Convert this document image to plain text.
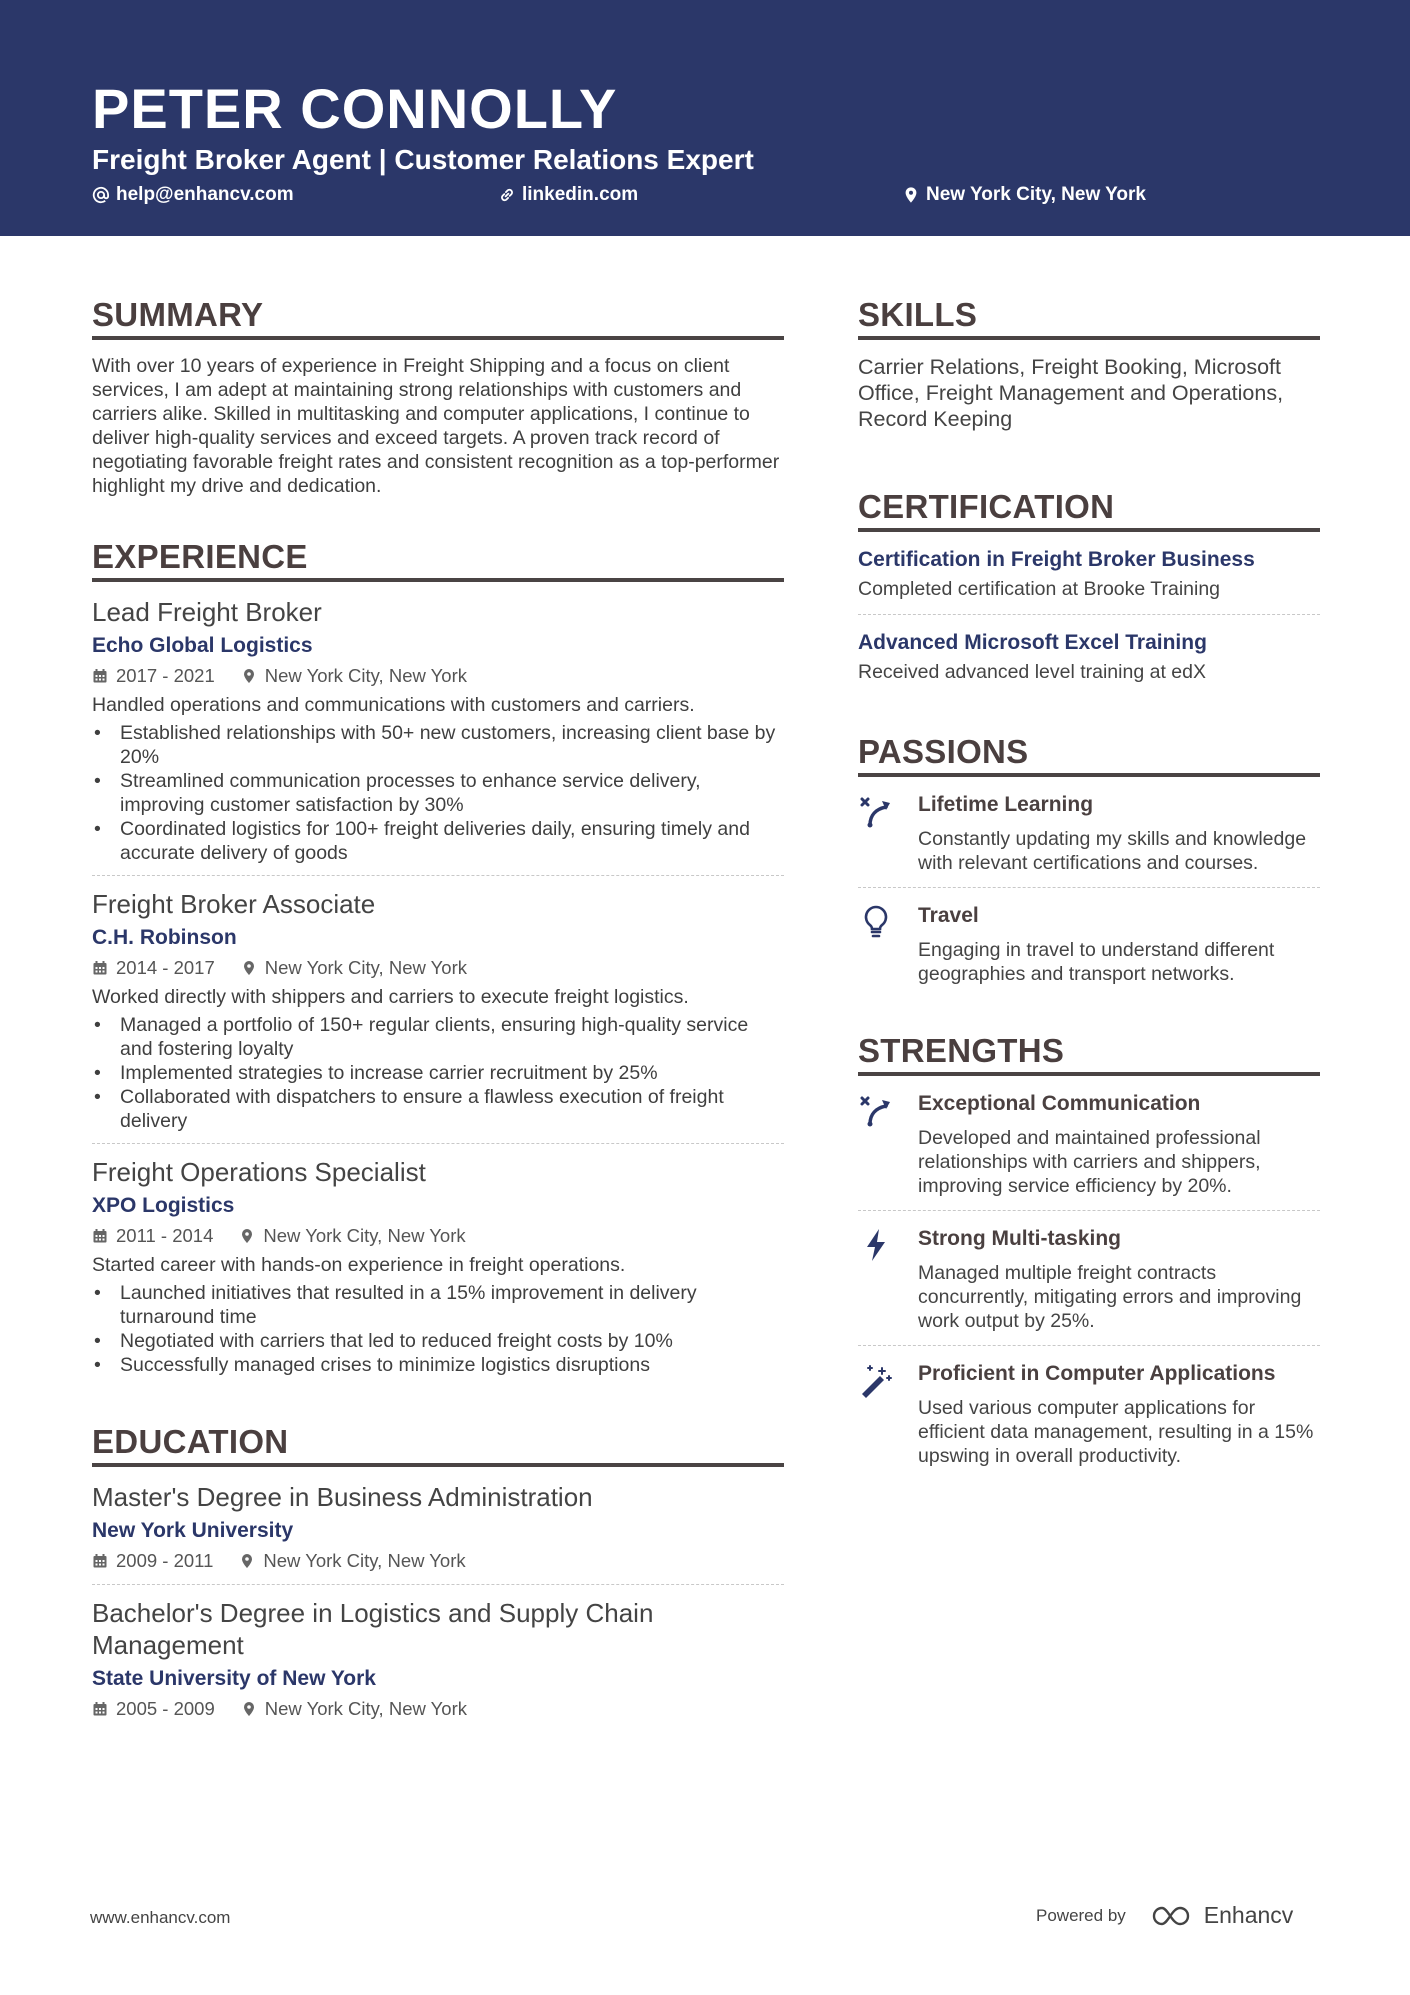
PETER CONNOLLY
Freight Broker Agent | Customer Relations Expert
help@enhancv.com	linkedin.com	New York City, New York
SUMMARY
With over 10 years of experience in Freight Shipping and a focus on client services, I am adept at maintaining strong relationships with customers and carriers alike. Skilled in multitasking and computer applications, I continue to deliver high-quality services and exceed targets. A proven track record of negotiating favorable freight rates and consistent recognition as a top-performer highlight my drive and dedication.
EXPERIENCE
Lead Freight Broker
Echo Global Logistics
2017 - 2021	New York City, New York
Handled operations and communications with customers and carriers.
• Established relationships with 50+ new customers, increasing client base by 20%
• Streamlined communication processes to enhance service delivery, improving customer satisfaction by 30%
• Coordinated logistics for 100+ freight deliveries daily, ensuring timely and accurate delivery of goods
Freight Broker Associate
C.H. Robinson
2014 - 2017	New York City, New York
Worked directly with shippers and carriers to execute freight logistics.
• Managed a portfolio of 150+ regular clients, ensuring high-quality service and fostering loyalty
• Implemented strategies to increase carrier recruitment by 25%
• Collaborated with dispatchers to ensure a flawless execution of freight delivery
Freight Operations Specialist
XPO Logistics
2011 - 2014	New York City, New York
Started career with hands-on experience in freight operations.
• Launched initiatives that resulted in a 15% improvement in delivery turnaround time
• Negotiated with carriers that led to reduced freight costs by 10%
• Successfully managed crises to minimize logistics disruptions
EDUCATION
Master's Degree in Business Administration
New York University
2009 - 2011	New York City, New York
Bachelor's Degree in Logistics and Supply Chain Management
State University of New York
2005 - 2009	New York City, New York
SKILLS
Carrier Relations, Freight Booking, Microsoft Office, Freight Management and Operations, Record Keeping
CERTIFICATION
Certification in Freight Broker Business
Completed certification at Brooke Training
Advanced Microsoft Excel Training
Received advanced level training at edX
PASSIONS
Lifetime Learning
Constantly updating my skills and knowledge with relevant certifications and courses.
Travel
Engaging in travel to understand different geographies and transport networks.
STRENGTHS
Exceptional Communication
Developed and maintained professional relationships with carriers and shippers, improving service efficiency by 20%.
Strong Multi-tasking
Managed multiple freight contracts concurrently, mitigating errors and improving work output by 25%.
Proficient in Computer Applications
Used various computer applications for efficient data management, resulting in a 15% upswing in overall productivity.
www.enhancv.com	Powered by	Enhancv
